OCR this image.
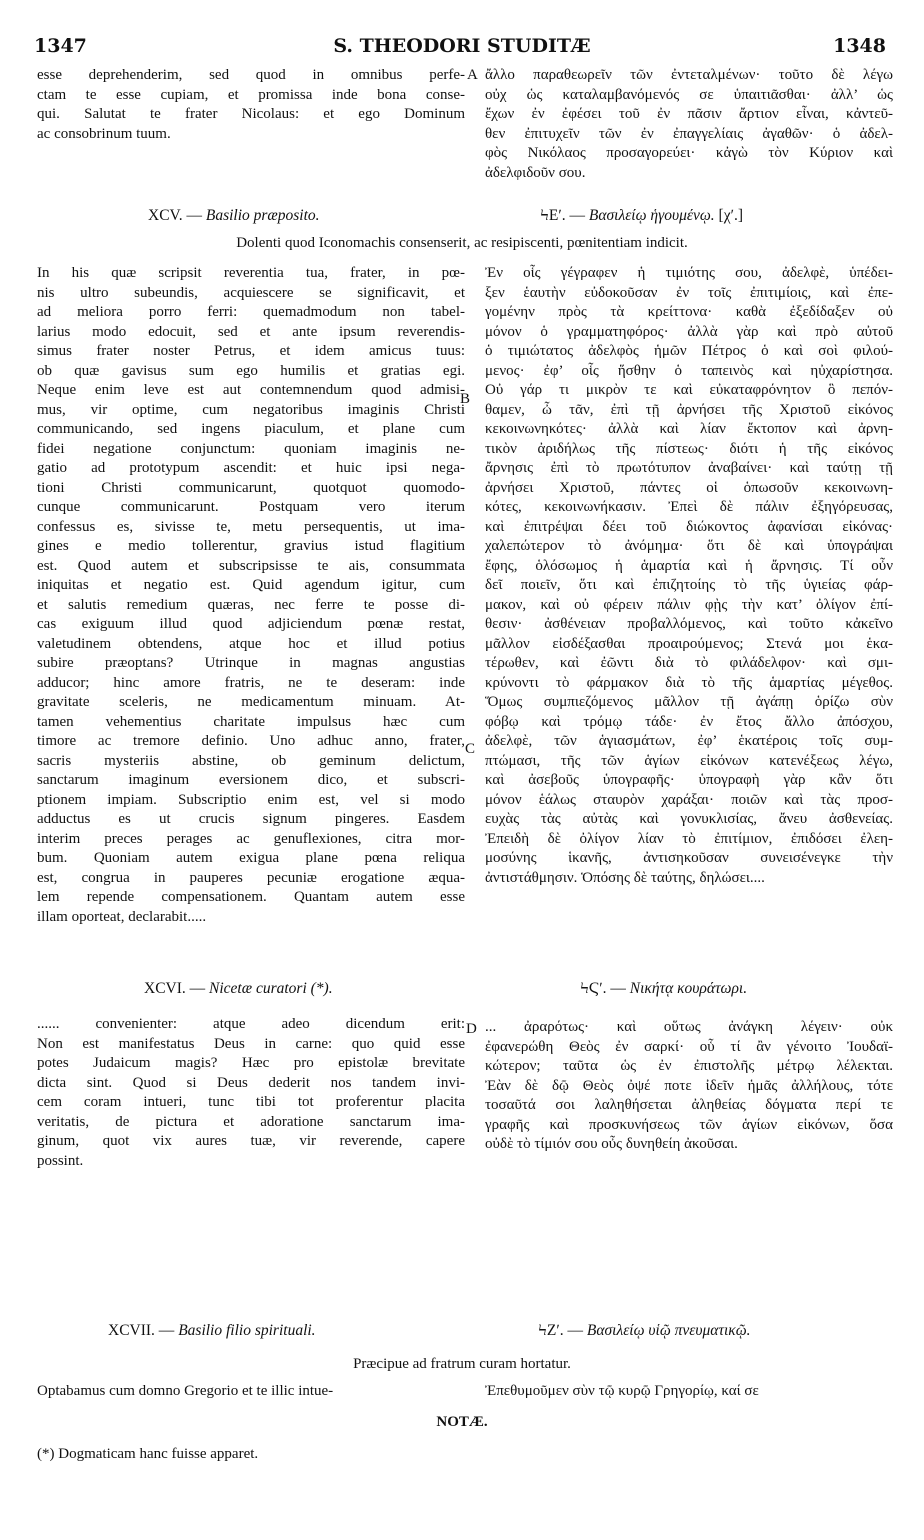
1347	S. THEODORI STUDITÆ	1348
esse deprehenderim, sed quod in omnibus perfe-
ctam te esse cupiam, et promissa inde bona conse-
qui. Salutat te frater Nicolaus: et ego Dominum
ac consobrinum tuum.
ἄλλο παραθεωρεῖν τῶν ἐντεταλμένων· τοῦτο δὲ λέγω
οὐχ ὡς καταλαμβανόμενός σε ὑπαιτιᾶσθαι· ἀλλ’ ὡς
ἔχων ἐν ἐφέσει τοῦ ἐν πᾶσιν ἄρτιον εἶναι, κἀντεῦ-
θεν ἐπιτυχεῖν τῶν ἐν ἐπαγγελίαις ἀγαθῶν· ὁ ἀδελ-
φὸς Νικόλαος προσαγορεύει· κἀγὼ τὸν Κύριον καὶ
ἀδελφιδοῦν σου.
A
XCV. — Basilio præposito.	ϞΕʹ. — Βασιλείῳ ἡγουμένῳ. [χʹ.]
Dolenti quod Iconomachis consenserit, ac resipiscenti, pœnitentiam indicit.
In his quæ scripsit reverentia tua, frater, in pœ-
nis ultro subeundis, acquiescere se significavit, et
ad meliora porro ferri: quemadmodum non tabel-
larius modo edocuit, sed et ante ipsum reverendis-
simus frater noster Petrus, et idem amicus tuus:
ob quæ gavisus sum ego humilis et gratias egi.
Neque enim leve est aut contemnendum quod admisi-
mus, vir optime, cum negatoribus imaginis Christi
communicando, sed ingens piaculum, et plane cum
fidei negatione conjunctum: quoniam imaginis ne-
gatio ad prototypum ascendit: et huic ipsi nega-
tioni Christi communicarunt, quotquot quomodo-
cunque communicarunt. Postquam vero iterum
confessus es, sivisse te, metu persequentis, ut ima-
gines e medio tollerentur, gravius istud flagitium
est. Quod autem et subscripsisse te ais, consummata
iniquitas et negatio est. Quid agendum igitur, cum
et salutis remedium quæras, nec ferre te posse di-
cas exiguum illud quod adjiciendum pœnæ restat,
valetudinem obtendens, atque hoc et illud potius
subire præoptans? Utrinque in magnas angustias
adducor; hinc amore fratris, ne te deseram: inde
gravitate sceleris, ne medicamentum minuam. At-
tamen vehementius charitate impulsus hæc cum
timore ac tremore definio. Uno adhuc anno, frater,
sacris mysteriis abstine, ob geminum delictum,
sanctarum imaginum eversionem dico, et subscri-
ptionem impiam. Subscriptio enim est, vel si modo
adductus es ut crucis signum pingeres. Easdem
interim preces perages ac genuflexiones, citra mor-
bum. Quoniam autem exigua plane pœna reliqua
est, congrua in pauperes pecuniæ erogatione æqua-
lem repende compensationem. Quantam autem esse
illam oporteat, declarabit.....
Ἐν οἷς γέγραφεν ἡ τιμιότης σου, ἀδελφὲ, ὑπέδει-
ξεν ἑαυτὴν εὐδοκοῦσαν ἐν τοῖς ἐπιτιμίοις, καὶ ἐπε-
γομένην πρὸς τὰ κρείττονα· καθὰ ἐξεδίδαξεν οὐ
μόνον ὁ γραμματηφόρος· ἀλλὰ γὰρ καὶ πρὸ αὐτοῦ
ὁ τιμιώτατος ἀδελφὸς ἡμῶν Πέτρος ὁ καὶ σοὶ φιλού-
μενος· ἐφ’ οἷς ἥσθην ὁ ταπεινὸς καὶ ηὐχαρίστησα.
Οὐ γάρ τι μικρὸν τε καὶ εὐκαταφρόνητον ὃ πεπόν-
θαμεν, ὦ τᾶν, ἐπὶ τῇ ἀρνήσει τῆς Χριστοῦ εἰκόνος
κεκοινωνηκότες· ἀλλὰ καὶ λίαν ἔκτοπον καὶ ἀρνη-
τικὸν ἀριδήλως τῆς πίστεως· διότι ἡ τῆς εἰκόνος
ἄρνησις ἐπὶ τὸ πρωτότυπον ἀναβαίνει· καὶ ταύτῃ τῇ
ἀρνήσει Χριστοῦ, πάντες οἱ ὁπωσοῦν κεκοινωνη-
κότες, κεκοινωνήκασιν. Ἐπεὶ δὲ πάλιν ἐξηγόρευσας,
καὶ ἐπιτρέψαι δέει τοῦ διώκοντος ἀφανίσαι εἰκόνας·
χαλεπώτερον τὸ ἀνόμημα· ὅτι δὲ καὶ ὑπογράψαι
ἔφης, ὁλόσωμος ἡ ἁμαρτία καὶ ἡ ἄρνησις. Τί οὖν
δεῖ ποιεῖν, ὅτι καὶ ἐπιζητοίης τὸ τῆς ὑγιείας φάρ-
μακον, καὶ οὐ φέρειν πάλιν φῂς τὴν κατ’ ὀλίγον ἐπί-
θεσιν· ἀσθένειαν προβαλλόμενος, καὶ τοῦτο κἀκεῖνο
μᾶλλον εἰσδέξασθαι προαιρούμενος; Στενά μοι ἑκα-
τέρωθεν, καὶ ἐῶντι διὰ τὸ φιλάδελφον· καὶ σμι-
κρύνοντι τὸ φάρμακον διὰ τὸ τῆς ἁμαρτίας μέγεθος.
Ὅμως συμπιεζόμενος μᾶλλον τῇ ἀγάπῃ ὁρίζω σὺν
φόβῳ καὶ τρόμῳ τάδε· ἐν ἔτος ἄλλο ἀπόσχου,
ἀδελφὲ, τῶν ἁγιασμάτων, ἐφ’ ἑκατέροις τοῖς συμ-
πτώμασι, τῆς τῶν ἁγίων εἰκόνων κατενέξεως λέγω,
καὶ ἀσεβοῦς ὑπογραφῆς· ὑπογραφὴ γὰρ κἂν ὅτι
μόνον ἑάλως σταυρὸν χαράξαι· ποιῶν καὶ τὰς προσ-
ευχὰς τὰς αὐτὰς καὶ γονυκλισίας, ἄνευ ἀσθενείας.
Ἐπειδὴ δὲ ὀλίγον λίαν τὸ ἐπιτίμιον, ἐπιδόσει ἐλεη-
μοσύνης ἱκανῆς, ἀντισηκοῦσαν συνεισένεγκε τὴν
ἀντιστάθμησιν. Ὁπόσης δὲ ταύτης, δηλώσει....
B
C
XCVI. — Nicetæ curatori (*).	ϞϚʹ. — Νικήτᾳ κουράτωρι.
...... convenienter: atque adeo dicendum erit:
Non est manifestatus Deus in carne: quo quid esse
potes Judaicum magis? Hæc pro epistolæ brevitate
dicta sint. Quod si Deus dederit nos tandem invi-
cem coram intueri, tunc tibi tot proferentur placita
veritatis, de pictura et adoratione sanctarum ima-
ginum, quot vix aures tuæ, vir reverende, capere
possint.
... ἀραρότως· καὶ οὕτως ἀνάγκη λέγειν· οὐκ
ἐφανερώθη Θεὸς ἐν σαρκί· οὗ τί ἂν γένοιτο Ἰουδαϊ-
κώτερον; ταῦτα ὡς ἐν ἐπιστολῆς μέτρῳ λέλεκται.
Ἐὰν δὲ δῷ Θεὸς ὀψέ ποτε ἰδεῖν ἡμᾶς ἀλλήλους, τότε
τοσαῦτά σοι λαληθήσεται ἀληθείας δόγματα περί τε
γραφῆς καὶ προσκυνήσεως τῶν ἁγίων εἰκόνων, ὅσα
οὐδὲ τὸ τίμιόν σου οὖς δυνηθείη ἀκοῦσαι.
D
XCVII. — Basilio filio spirituali.	ϞΖʹ. — Βασιλείῳ υἱῷ πνευματικῷ.
Præcipue ad fratrum curam hortatur.
Optabamus cum domno Gregorio et te illic intue-	Ἐπεθυμοῦμεν σὺν τῷ κυρῷ Γρηγορίῳ, καί σε
NOTÆ.
(*) Dogmaticam hanc fuisse apparet.
